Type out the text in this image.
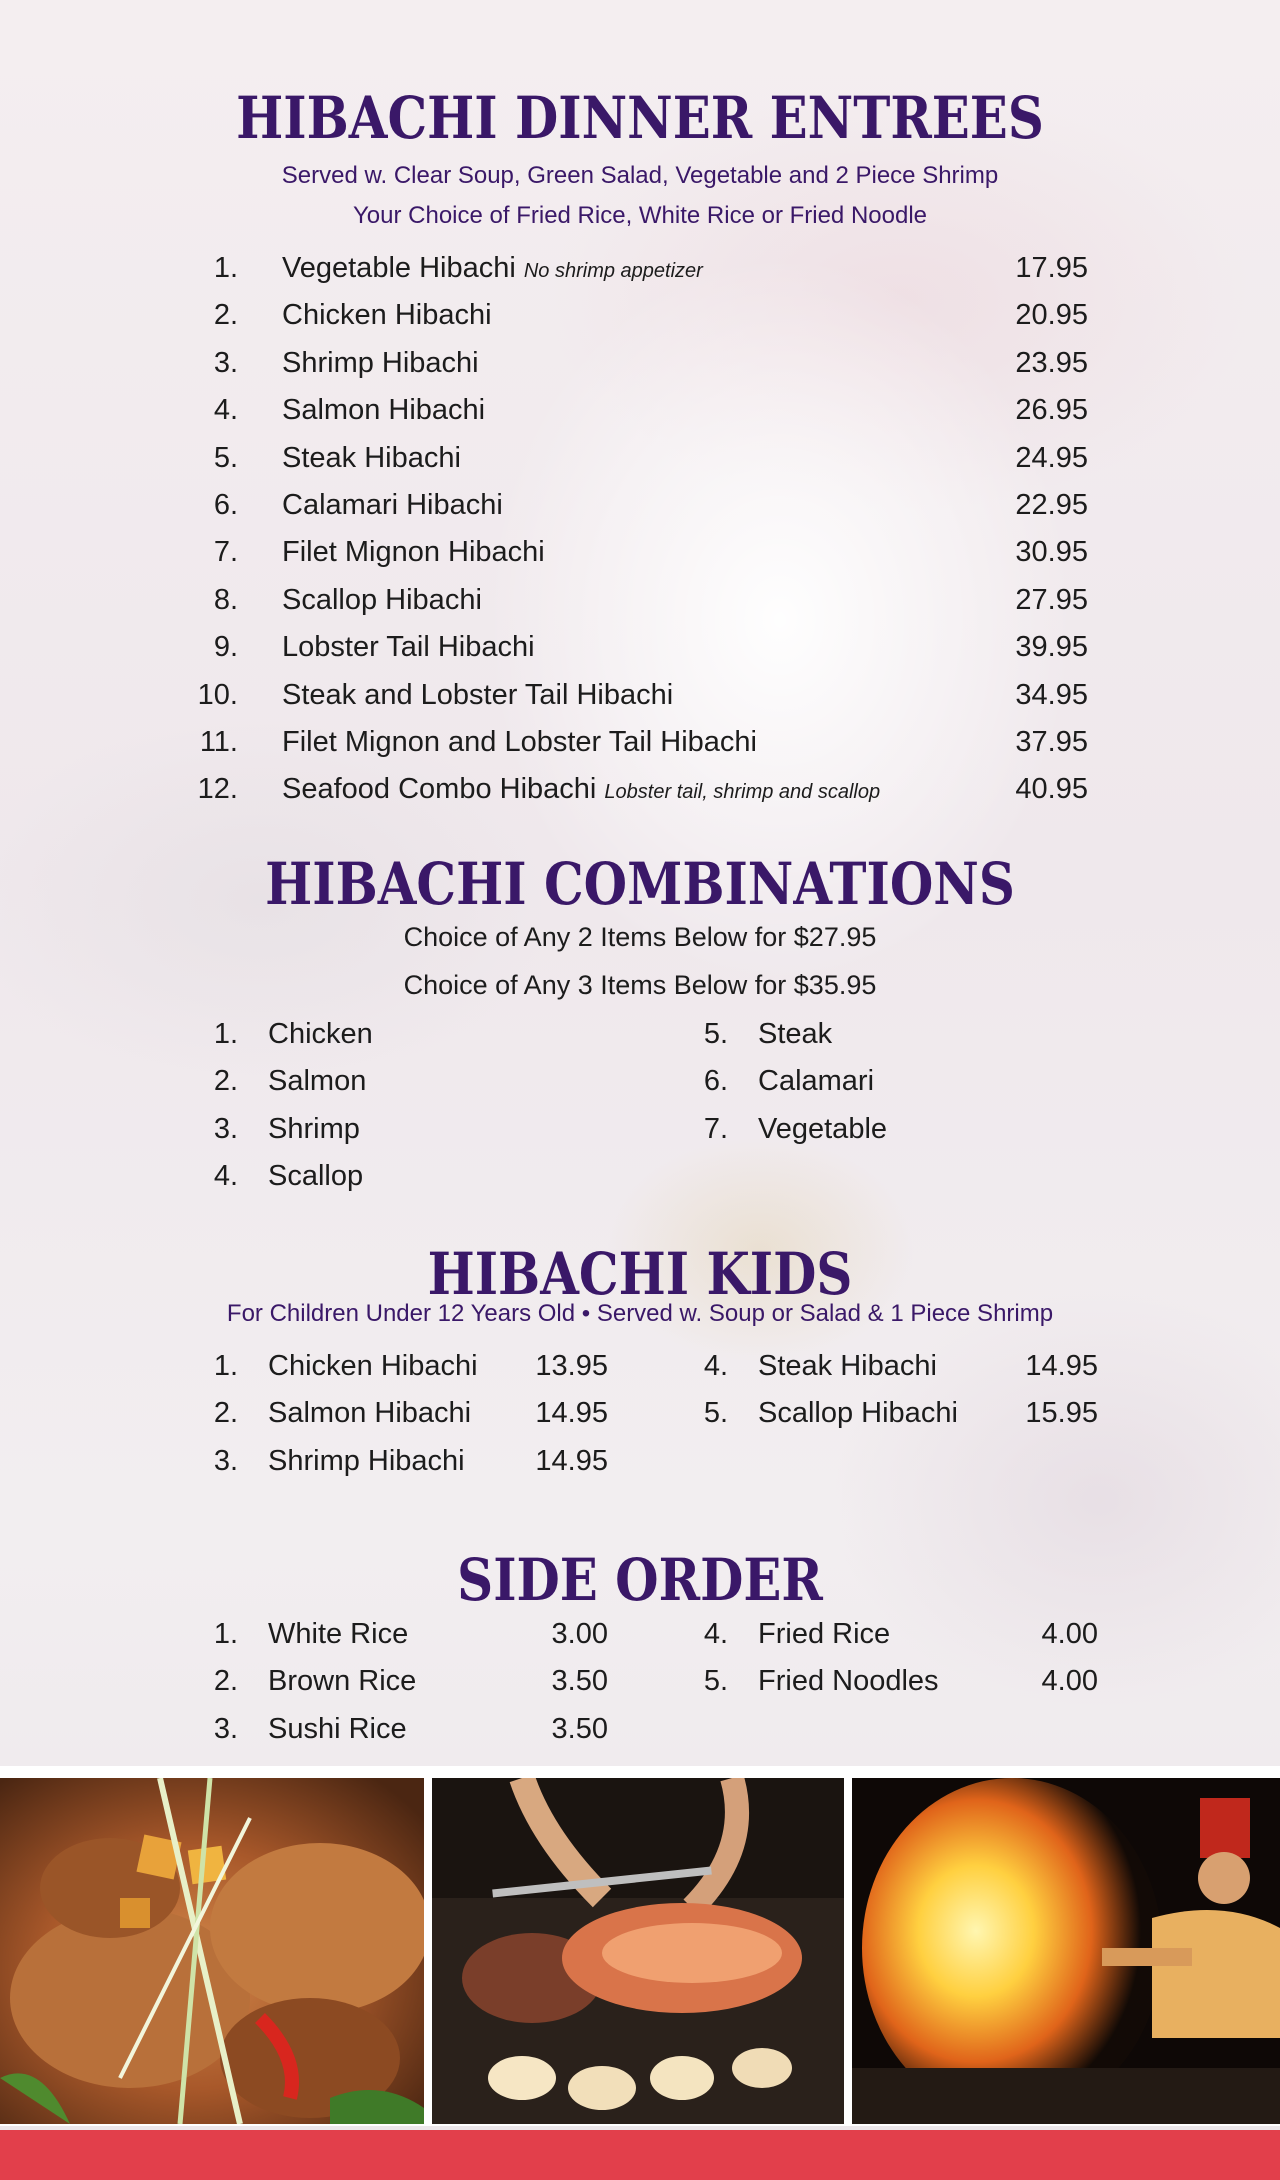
HIBACHI DINNER ENTREES
Served w. Clear Soup, Green Salad, Vegetable and 2 Piece Shrimp
Your Choice of Fried Rice, White Rice or Fried Noodle
1. Vegetable Hibachi No shrimp appetizer	17.95
2. Chicken Hibachi	20.95
3. Shrimp Hibachi	23.95
4. Salmon Hibachi	26.95
5. Steak Hibachi	24.95
6. Calamari Hibachi	22.95
7. Filet Mignon Hibachi	30.95
8. Scallop Hibachi	27.95
9. Lobster Tail Hibachi	39.95
10. Steak and Lobster Tail Hibachi	34.95
11. Filet Mignon and Lobster Tail Hibachi	37.95
12. Seafood Combo Hibachi Lobster tail, shrimp and scallop	40.95
HIBACHI COMBINATIONS
Choice of Any 2 Items Below for $27.95
Choice of Any 3 Items Below for $35.95
1. Chicken
2. Salmon
3. Shrimp
4. Scallop
5. Steak
6. Calamari
7. Vegetable
HIBACHI KIDS
For Children Under 12 Years Old • Served w. Soup or Salad & 1 Piece Shrimp
1. Chicken Hibachi 13.95
2. Salmon Hibachi 14.95
3. Shrimp Hibachi 14.95
4. Steak Hibachi	14.95
5. Scallop Hibachi 15.95
SIDE ORDER
1. White Rice	3.00
2. Brown Rice	3.50
3. Sushi Rice	3.50
4. Fried Rice	4.00
5. Fried Noodles	4.00
